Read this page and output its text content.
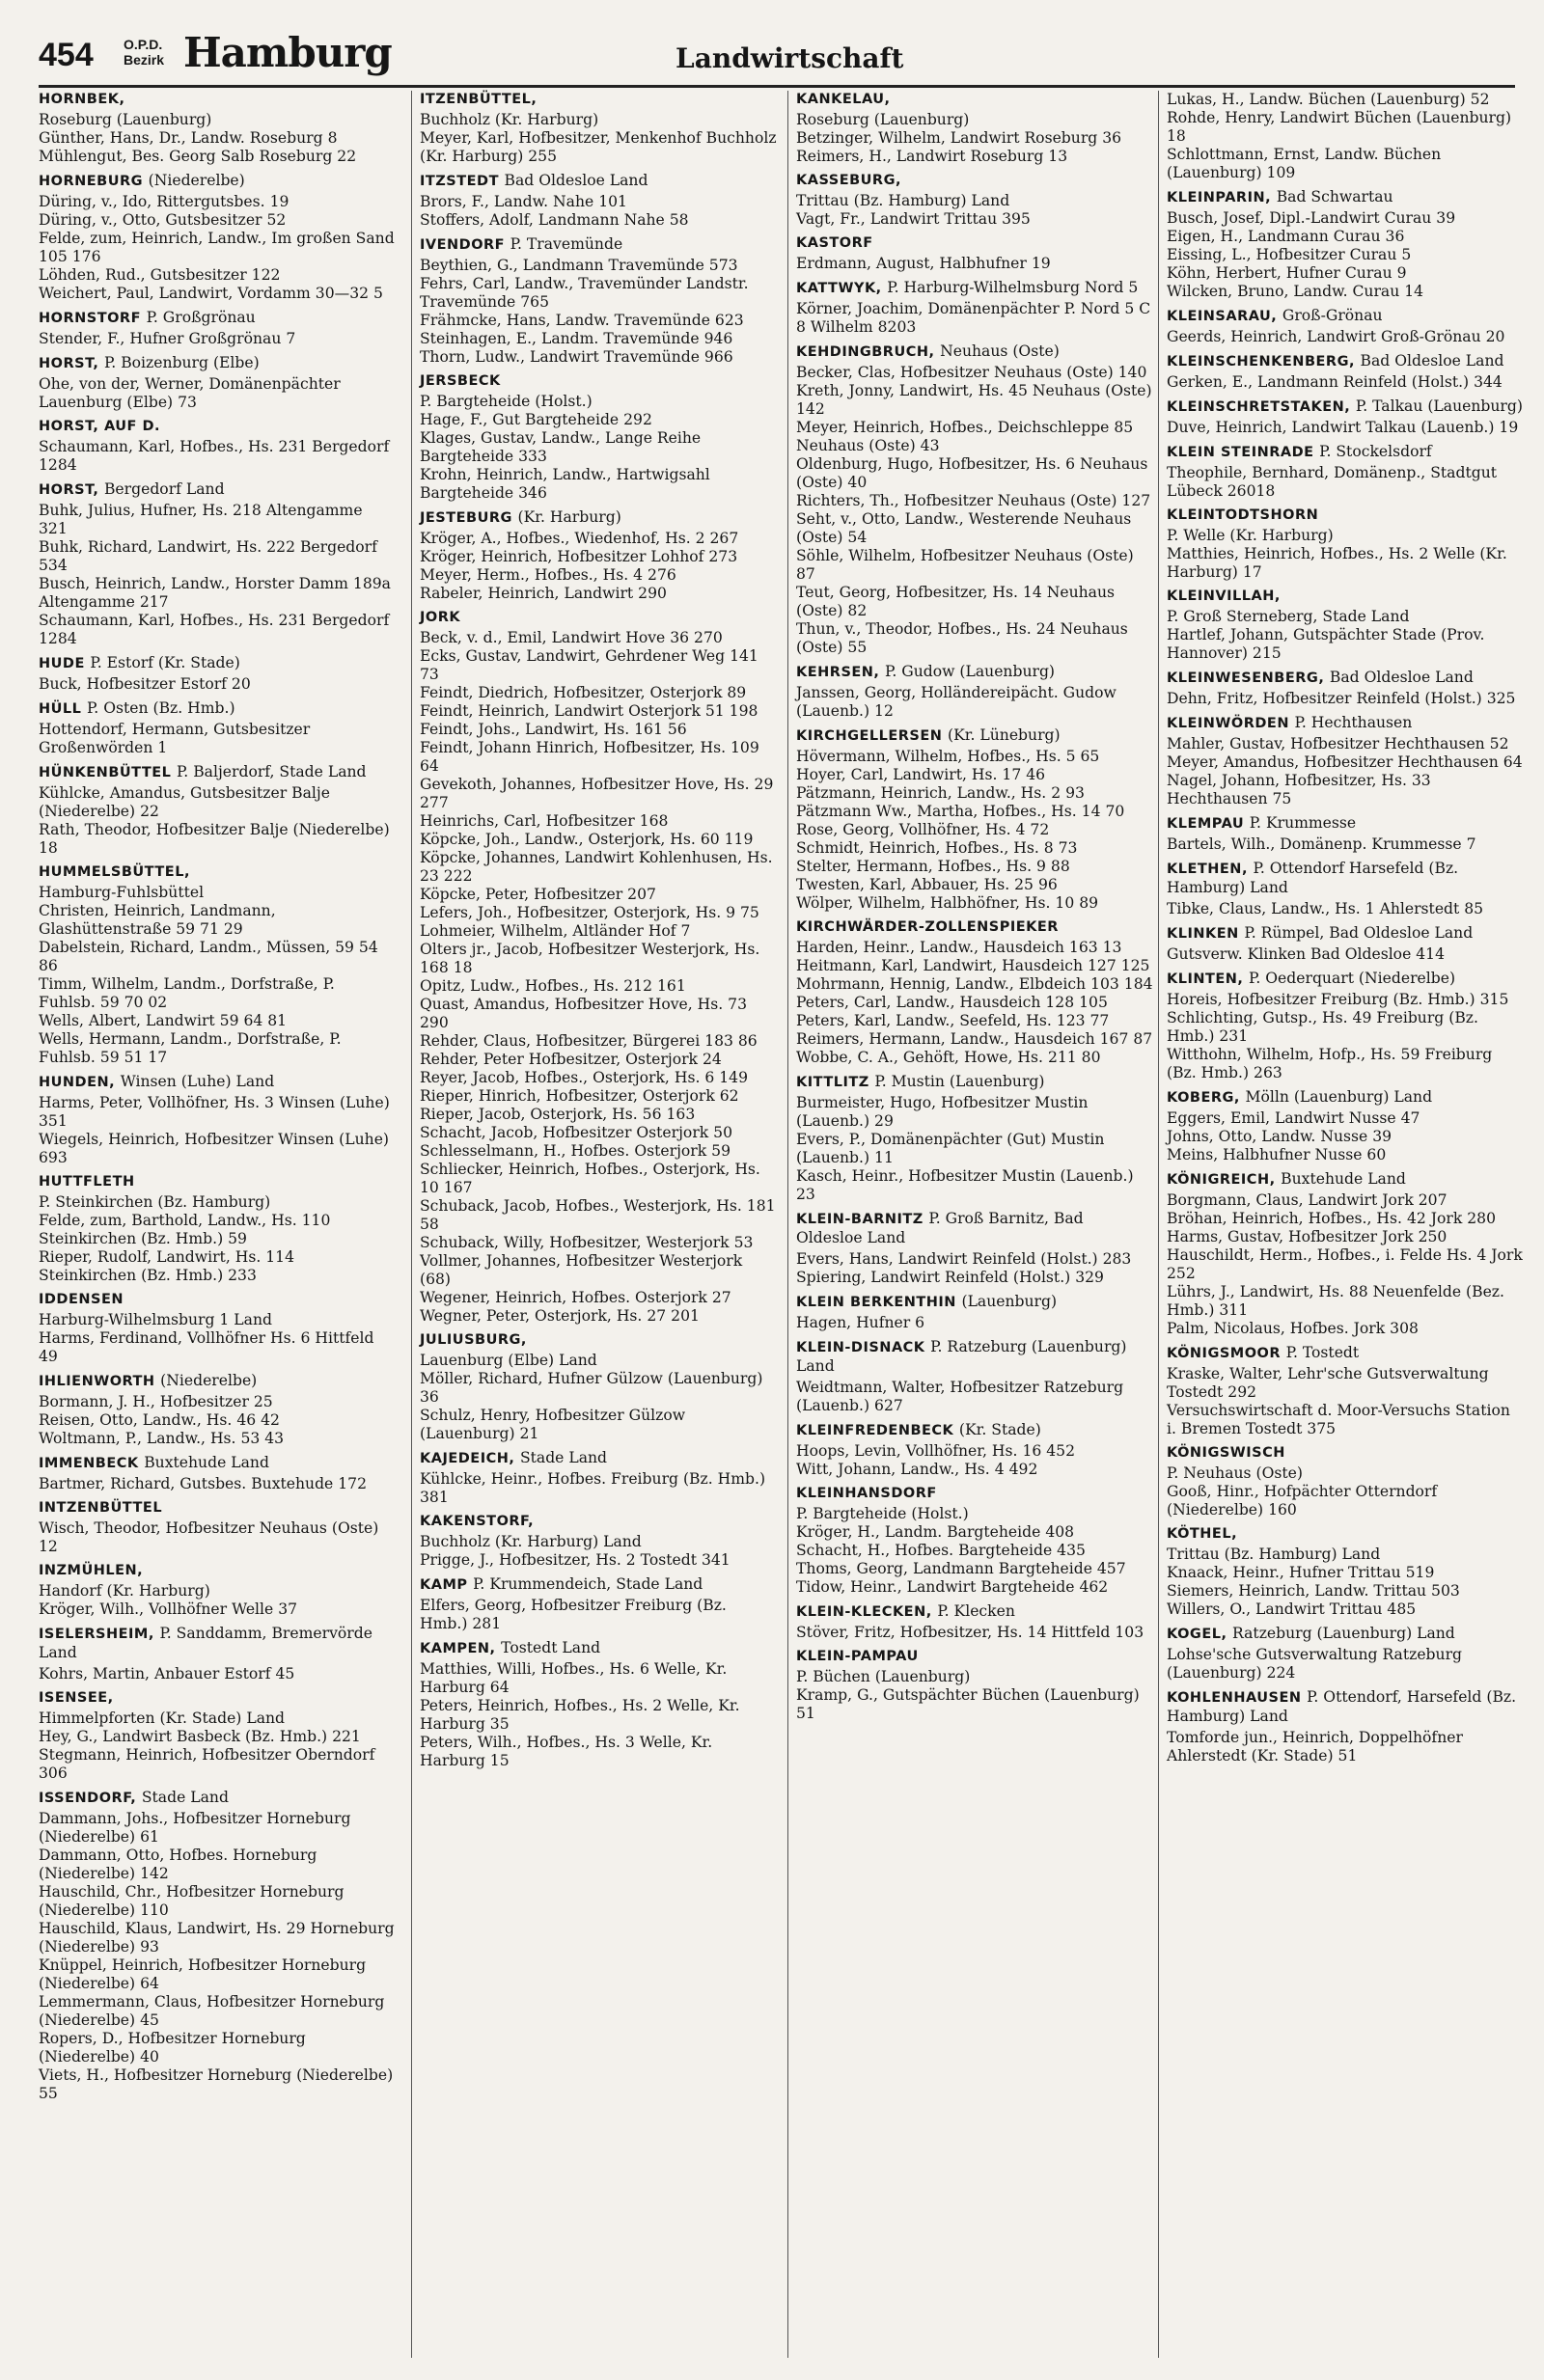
454 O.P.D.
Bezirk Hamburg	Landwirtschaft
HORNBEK,
Roseburg (Lauenburg)
Günther, Hans, Dr., Landw. Roseburg 8
Mühlengut, Bes. Georg Salb Roseburg 22
HORNEBURG (Niederelbe)
Düring, v., Ido, Rittergutsbes. 19
Düring, v., Otto, Gutsbesitzer 52
Felde, zum, Heinrich, Landw., Im großen Sand 105 176
Löhden, Rud., Gutsbesitzer 122
Weichert, Paul, Landwirt, Vordamm 30—32 5
HORNSTORF P. Großgrönau
Stender, F., Hufner Großgrönau 7
HORST, P. Boizenburg (Elbe)
Ohe, von der, Werner, Domänenpächter Lauenburg (Elbe) 73
HORST, AUF D.
Schaumann, Karl, Hofbes., Hs. 231 Bergedorf 1284
HORST, Bergedorf Land
Buhk, Julius, Hufner, Hs. 218 Altengamme 321
Buhk, Richard, Landwirt, Hs. 222 Bergedorf 534
Busch, Heinrich, Landw., Horster Damm 189a Altengamme 217
Schaumann, Karl, Hofbes., Hs. 231 Bergedorf 1284
HUDE P. Estorf (Kr. Stade)
Buck, Hofbesitzer Estorf 20
HÜLL P. Osten (Bz. Hmb.)
Hottendorf, Hermann, Gutsbesitzer Großenwörden 1
HÜNKENBÜTTEL P. Baljerdorf, Stade Land
Kühlcke, Amandus, Gutsbesitzer Balje (Niederelbe) 22
Rath, Theodor, Hofbesitzer Balje (Niederelbe) 18
HUMMELSBÜTTEL,
Hamburg-Fuhlsbüttel
Christen, Heinrich, Landmann, Glashüttenstraße 59 71 29
Dabelstein, Richard, Landm., Müssen, 59 54 86
Timm, Wilhelm, Landm., Dorfstraße, P. Fuhlsb. 59 70 02
Wells, Albert, Landwirt 59 64 81
Wells, Hermann, Landm., Dorfstraße, P. Fuhlsb. 59 51 17
HUNDEN, Winsen (Luhe) Land
Harms, Peter, Vollhöfner, Hs. 3 Winsen (Luhe) 351
Wiegels, Heinrich, Hofbesitzer Winsen (Luhe) 693
HUTTFLETH
P. Steinkirchen (Bz. Hamburg)
Felde, zum, Barthold, Landw., Hs. 110 Steinkirchen (Bz. Hmb.) 59
Rieper, Rudolf, Landwirt, Hs. 114 Steinkirchen (Bz. Hmb.) 233
IDDENSEN
Harburg-Wilhelmsburg 1 Land
Harms, Ferdinand, Vollhöfner Hs. 6 Hittfeld 49
IHLIENWORTH (Niederelbe)
Bormann, J. H., Hofbesitzer 25
Reisen, Otto, Landw., Hs. 46 42
Woltmann, P., Landw., Hs. 53 43
IMMENBECK Buxtehude Land
Bartmer, Richard, Gutsbes. Buxtehude 172
INTZENBÜTTEL
Wisch, Theodor, Hofbesitzer Neuhaus (Oste) 12
INZMÜHLEN,
Handorf (Kr. Harburg)
Kröger, Wilh., Vollhöfner Welle 37
ISELERSHEIM, P. Sanddamm, Bremervörde Land
Kohrs, Martin, Anbauer Estorf 45
ISENSEE,
Himmelpforten (Kr. Stade) Land
Hey, G., Landwirt Basbeck (Bz. Hmb.) 221
Stegmann, Heinrich, Hofbesitzer Oberndorf 306
ISSENDORF, Stade Land
Dammann, Johs., Hofbesitzer Horneburg (Niederelbe) 61
Dammann, Otto, Hofbes. Horneburg (Niederelbe) 142
Hauschild, Chr., Hofbesitzer Horneburg (Niederelbe) 110
Hauschild, Klaus, Landwirt, Hs. 29 Horneburg (Niederelbe) 93
Knüppel, Heinrich, Hofbesitzer Horneburg (Niederelbe) 64
Lemmermann, Claus, Hofbesitzer Horneburg (Niederelbe) 45
Ropers, D., Hofbesitzer Horneburg (Niederelbe) 40
Viets, H., Hofbesitzer Horneburg (Niederelbe) 55
ITZENBÜTTEL,
Buchholz (Kr. Harburg)
Meyer, Karl, Hofbesitzer, Menkenhof Buchholz (Kr. Harburg) 255
ITZSTEDT Bad Oldesloe Land
Brors, F., Landw. Nahe 101
Stoffers, Adolf, Landmann Nahe 58
IVENDORF P. Travemünde
Beythien, G., Landmann Travemünde 573
Fehrs, Carl, Landw., Travemünder Landstr. Travemünde 765
Frähmcke, Hans, Landw. Travemünde 623
Steinhagen, E., Landm. Travemünde 946
Thorn, Ludw., Landwirt Travemünde 966
JERSBECK
P. Bargteheide (Holst.)
Hage, F., Gut Bargteheide 292
Klages, Gustav, Landw., Lange Reihe Bargteheide 333
Krohn, Heinrich, Landw., Hartwigsahl Bargteheide 346
JESTEBURG (Kr. Harburg)
Kröger, A., Hofbes., Wiedenhof, Hs. 2 267
Kröger, Heinrich, Hofbesitzer Lohhof 273
Meyer, Herm., Hofbes., Hs. 4 276
Rabeler, Heinrich, Landwirt 290
JORK
Beck, v. d., Emil, Landwirt Hove 36 270
Ecks, Gustav, Landwirt, Gehrdener Weg 141 73
Feindt, Diedrich, Hofbesitzer, Osterjork 89
Feindt, Heinrich, Landwirt Osterjork 51 198
Feindt, Johs., Landwirt, Hs. 161 56
Feindt, Johann Hinrich, Hofbesitzer, Hs. 109 64
Gevekoth, Johannes, Hofbesitzer Hove, Hs. 29 277
Heinrichs, Carl, Hofbesitzer 168
Köpcke, Joh., Landw., Osterjork, Hs. 60 119
Köpcke, Johannes, Landwirt Kohlenhusen, Hs. 23 222
Köpcke, Peter, Hofbesitzer 207
Lefers, Joh., Hofbesitzer, Osterjork, Hs. 9 75
Lohmeier, Wilhelm, Altländer Hof 7
Olters jr., Jacob, Hofbesitzer Westerjork, Hs. 168 18
Opitz, Ludw., Hofbes., Hs. 212 161
Quast, Amandus, Hofbesitzer Hove, Hs. 73 290
Rehder, Claus, Hofbesitzer, Bürgerei 183 86
Rehder, Peter Hofbesitzer, Osterjork 24
Reyer, Jacob, Hofbes., Osterjork, Hs. 6 149
Rieper, Hinrich, Hofbesitzer, Osterjork 62
Rieper, Jacob, Osterjork, Hs. 56 163
Schacht, Jacob, Hofbesitzer Osterjork 50
Schlesselmann, H., Hofbes. Osterjork 59
Schliecker, Heinrich, Hofbes., Osterjork, Hs. 10 167
Schuback, Jacob, Hofbes., Westerjork, Hs. 181 58
Schuback, Willy, Hofbesitzer, Westerjork 53
Vollmer, Johannes, Hofbesitzer Westerjork (68)
Wegener, Heinrich, Hofbes. Osterjork 27
Wegner, Peter, Osterjork, Hs. 27 201
JULIUSBURG,
Lauenburg (Elbe) Land
Möller, Richard, Hufner Gülzow (Lauenburg) 36
Schulz, Henry, Hofbesitzer Gülzow (Lauenburg) 21
KAJEDEICH, Stade Land
Kühlcke, Heinr., Hofbes. Freiburg (Bz. Hmb.) 381
KAKENSTORF,
Buchholz (Kr. Harburg) Land
Prigge, J., Hofbesitzer, Hs. 2 Tostedt 341
KAMP P. Krummendeich, Stade Land
Elfers, Georg, Hofbesitzer Freiburg (Bz. Hmb.) 281
KAMPEN, Tostedt Land
Matthies, Willi, Hofbes., Hs. 6 Welle, Kr. Harburg 64
Peters, Heinrich, Hofbes., Hs. 2 Welle, Kr. Harburg 35
Peters, Wilh., Hofbes., Hs. 3 Welle, Kr. Harburg 15
KANKELAU,
Roseburg (Lauenburg)
Betzinger, Wilhelm, Landwirt Roseburg 36
Reimers, H., Landwirt Roseburg 13
KASSEBURG,
Trittau (Bz. Hamburg) Land
Vagt, Fr., Landwirt Trittau 395
KASTORF
Erdmann, August, Halbhufner 19
KATTWYK, P. Harburg-Wilhelmsburg Nord 5
Körner, Joachim, Domänenpächter P. Nord 5 C 8 Wilhelm 8203
KEHDINGBRUCH, Neuhaus (Oste)
Becker, Clas, Hofbesitzer Neuhaus (Oste) 140
Kreth, Jonny, Landwirt, Hs. 45 Neuhaus (Oste) 142
Meyer, Heinrich, Hofbes., Deichschleppe 85 Neuhaus (Oste) 43
Oldenburg, Hugo, Hofbesitzer, Hs. 6 Neuhaus (Oste) 40
Richters, Th., Hofbesitzer Neuhaus (Oste) 127
Seht, v., Otto, Landw., Westerende Neuhaus (Oste) 54
Söhle, Wilhelm, Hofbesitzer Neuhaus (Oste) 87
Teut, Georg, Hofbesitzer, Hs. 14 Neuhaus (Oste) 82
Thun, v., Theodor, Hofbes., Hs. 24 Neuhaus (Oste) 55
KEHRSEN, P. Gudow (Lauenburg)
Janssen, Georg, Holländereipächt. Gudow (Lauenb.) 12
KIRCHGELLERSEN (Kr. Lüneburg)
Hövermann, Wilhelm, Hofbes., Hs. 5 65
Hoyer, Carl, Landwirt, Hs. 17 46
Pätzmann, Heinrich, Landw., Hs. 2 93
Pätzmann Ww., Martha, Hofbes., Hs. 14 70
Rose, Georg, Vollhöfner, Hs. 4 72
Schmidt, Heinrich, Hofbes., Hs. 8 73
Stelter, Hermann, Hofbes., Hs. 9 88
Twesten, Karl, Abbauer, Hs. 25 96
Wölper, Wilhelm, Halbhöfner, Hs. 10 89
KIRCHWÄRDER-ZOLLENSPIEKER
Harden, Heinr., Landw., Hausdeich 163 13
Heitmann, Karl, Landwirt, Hausdeich 127 125
Mohrmann, Hennig, Landw., Elbdeich 103 184
Peters, Carl, Landw., Hausdeich 128 105
Peters, Karl, Landw., Seefeld, Hs. 123 77
Reimers, Hermann, Landw., Hausdeich 167 87
Wobbe, C. A., Gehöft, Howe, Hs. 211 80
KITTLITZ P. Mustin (Lauenburg)
Burmeister, Hugo, Hofbesitzer Mustin (Lauenb.) 29
Evers, P., Domänenpächter (Gut) Mustin (Lauenb.) 11
Kasch, Heinr., Hofbesitzer Mustin (Lauenb.) 23
KLEIN-BARNITZ P. Groß Barnitz, Bad Oldesloe Land
Evers, Hans, Landwirt Reinfeld (Holst.) 283
Spiering, Landwirt Reinfeld (Holst.) 329
KLEIN BERKENTHIN (Lauenburg)
Hagen, Hufner 6
KLEIN-DISNACK P. Ratzeburg (Lauenburg) Land
Weidtmann, Walter, Hofbesitzer Ratzeburg (Lauenb.) 627
KLEINFREDENBECK (Kr. Stade)
Hoops, Levin, Vollhöfner, Hs. 16 452
Witt, Johann, Landw., Hs. 4 492
KLEINHANSDORF
P. Bargteheide (Holst.)
Kröger, H., Landm. Bargteheide 408
Schacht, H., Hofbes. Bargteheide 435
Thoms, Georg, Landmann Bargteheide 457
Tidow, Heinr., Landwirt Bargteheide 462
KLEIN-KLECKEN, P. Klecken
Stöver, Fritz, Hofbesitzer, Hs. 14 Hittfeld 103
KLEIN-PAMPAU
P. Büchen (Lauenburg)
Kramp, G., Gutspächter Büchen (Lauenburg) 51
Lukas, H., Landw. Büchen (Lauenburg) 52
Rohde, Henry, Landwirt Büchen (Lauenburg) 18
Schlottmann, Ernst, Landw. Büchen (Lauenburg) 109
KLEINPARIN, Bad Schwartau
Busch, Josef, Dipl.-Landwirt Curau 39
Eigen, H., Landmann Curau 36
Eissing, L., Hofbesitzer Curau 5
Köhn, Herbert, Hufner Curau 9
Wilcken, Bruno, Landw. Curau 14
KLEINSARAU, Groß-Grönau
Geerds, Heinrich, Landwirt Groß-Grönau 20
KLEINSCHENKENBERG, Bad Oldesloe Land
Gerken, E., Landmann Reinfeld (Holst.) 344
KLEINSCHRETSTAKEN, P. Talkau (Lauenburg)
Duve, Heinrich, Landwirt Talkau (Lauenb.) 19
KLEIN STEINRADE P. Stockelsdorf
Theophile, Bernhard, Domänenp., Stadtgut Lübeck 26018
KLEINTODTSHORN
P. Welle (Kr. Harburg)
Matthies, Heinrich, Hofbes., Hs. 2 Welle (Kr. Harburg) 17
KLEINVILLAH,
P. Groß Sterneberg, Stade Land
Hartlef, Johann, Gutspächter Stade (Prov. Hannover) 215
KLEINWESENBERG, Bad Oldesloe Land
Dehn, Fritz, Hofbesitzer Reinfeld (Holst.) 325
KLEINWÖRDEN P. Hechthausen
Mahler, Gustav, Hofbesitzer Hechthausen 52
Meyer, Amandus, Hofbesitzer Hechthausen 64
Nagel, Johann, Hofbesitzer, Hs. 33 Hechthausen 75
KLEMPAU P. Krummesse
Bartels, Wilh., Domänenp. Krummesse 7
KLETHEN, P. Ottendorf Harsefeld (Bz. Hamburg) Land
Tibke, Claus, Landw., Hs. 1 Ahlerstedt 85
KLINKEN P. Rümpel, Bad Oldesloe Land
Gutsverw. Klinken Bad Oldesloe 414
KLINTEN, P. Oederquart (Niederelbe)
Horeis, Hofbesitzer Freiburg (Bz. Hmb.) 315
Schlichting, Gutsp., Hs. 49 Freiburg (Bz. Hmb.) 231
Witthohn, Wilhelm, Hofp., Hs. 59 Freiburg (Bz. Hmb.) 263
KOBERG, Mölln (Lauenburg) Land
Eggers, Emil, Landwirt Nusse 47
Johns, Otto, Landw. Nusse 39
Meins, Halbhufner Nusse 60
KÖNIGREICH, Buxtehude Land
Borgmann, Claus, Landwirt Jork 207
Bröhan, Heinrich, Hofbes., Hs. 42 Jork 280
Harms, Gustav, Hofbesitzer Jork 250
Hauschildt, Herm., Hofbes., i. Felde Hs. 4 Jork 252
Lührs, J., Landwirt, Hs. 88 Neuenfelde (Bez. Hmb.) 311
Palm, Nicolaus, Hofbes. Jork 308
KÖNIGSMOOR P. Tostedt
Kraske, Walter, Lehr'sche Gutsverwaltung Tostedt 292
Versuchswirtschaft d. Moor-Versuchs Station i. Bremen Tostedt 375
KÖNIGSWISCH
P. Neuhaus (Oste)
Gooß, Hinr., Hofpächter Otterndorf (Niederelbe) 160
KÖTHEL,
Trittau (Bz. Hamburg) Land
Knaack, Heinr., Hufner Trittau 519
Siemers, Heinrich, Landw. Trittau 503
Willers, O., Landwirt Trittau 485
KOGEL, Ratzeburg (Lauenburg) Land
Lohse'sche Gutsverwaltung Ratzeburg (Lauenburg) 224
KOHLENHAUSEN P. Ottendorf, Harsefeld (Bz. Hamburg) Land
Tomforde jun., Heinrich, Doppelhöfner Ahlerstedt (Kr. Stade) 51
